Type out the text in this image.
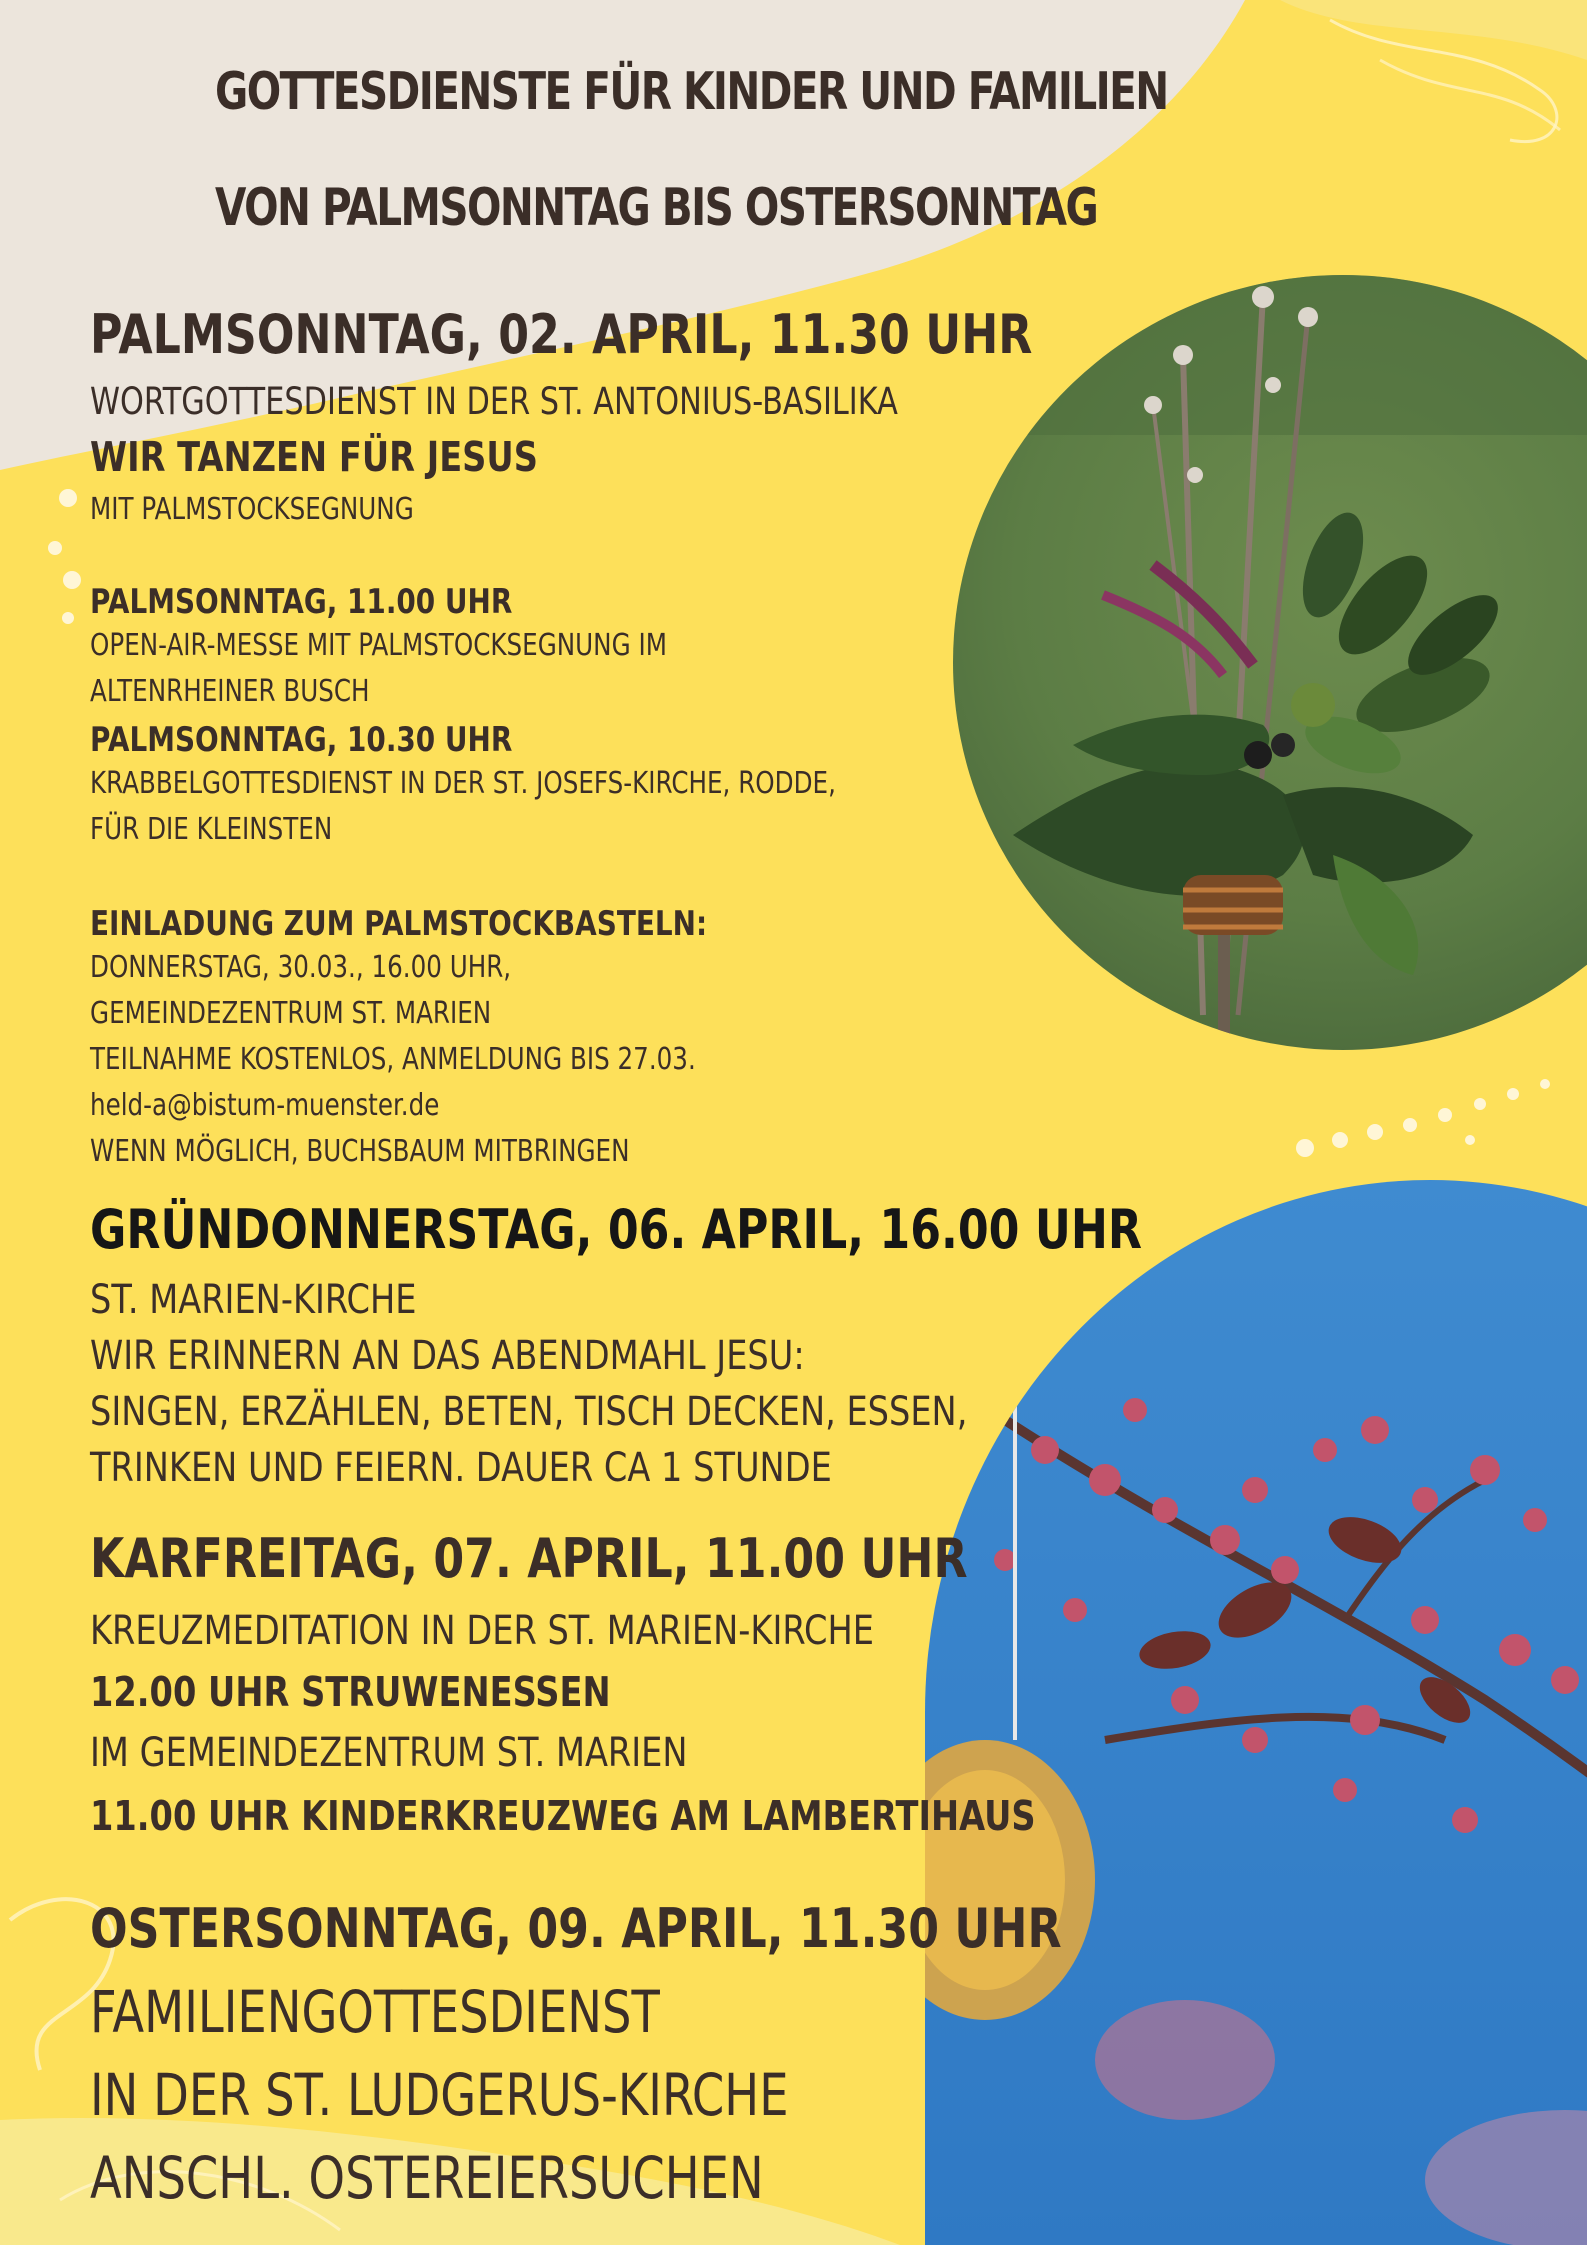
GOTTESDIENSTE FÜR KINDER UND FAMILIEN
VON PALMSONNTAG BIS OSTERSONNTAG
PALMSONNTAG, 02. APRIL, 11.30 UHR
WORTGOTTESDIENST IN DER ST. ANTONIUS-BASILIKA
WIR TANZEN FÜR JESUS
MIT PALMSTOCKSEGNUNG
PALMSONNTAG, 11.00 UHR
OPEN-AIR-MESSE MIT PALMSTOCKSEGNUNG IM
ALTENRHEINER BUSCH
PALMSONNTAG, 10.30 UHR
KRABBELGOTTESDIENST IN DER ST. JOSEFS-KIRCHE, RODDE,
FÜR DIE KLEINSTEN
EINLADUNG ZUM PALMSTOCKBASTELN:
DONNERSTAG, 30.03., 16.00 UHR,
GEMEINDEZENTRUM ST. MARIEN
TEILNAHME KOSTENLOS, ANMELDUNG BIS 27.03.
held-a@bistum-muenster.de
WENN MÖGLICH, BUCHSBAUM MITBRINGEN
GRÜNDONNERSTAG, 06. APRIL, 16.00 UHR
ST. MARIEN-KIRCHE
WIR ERINNERN AN DAS ABENDMAHL JESU:
SINGEN, ERZÄHLEN, BETEN, TISCH DECKEN, ESSEN,
TRINKEN UND FEIERN. DAUER CA 1 STUNDE
KARFREITAG, 07. APRIL, 11.00 UHR
KREUZMEDITATION IN DER ST. MARIEN-KIRCHE
12.00 UHR STRUWENESSEN
IM GEMEINDEZENTRUM ST. MARIEN
11.00 UHR KINDERKREUZWEG AM LAMBERTIHAUS
OSTERSONNTAG, 09. APRIL, 11.30 UHR
FAMILIENGOTTESDIENST
IN DER ST. LUDGERUS-KIRCHE
ANSCHL. OSTEREIERSUCHEN
